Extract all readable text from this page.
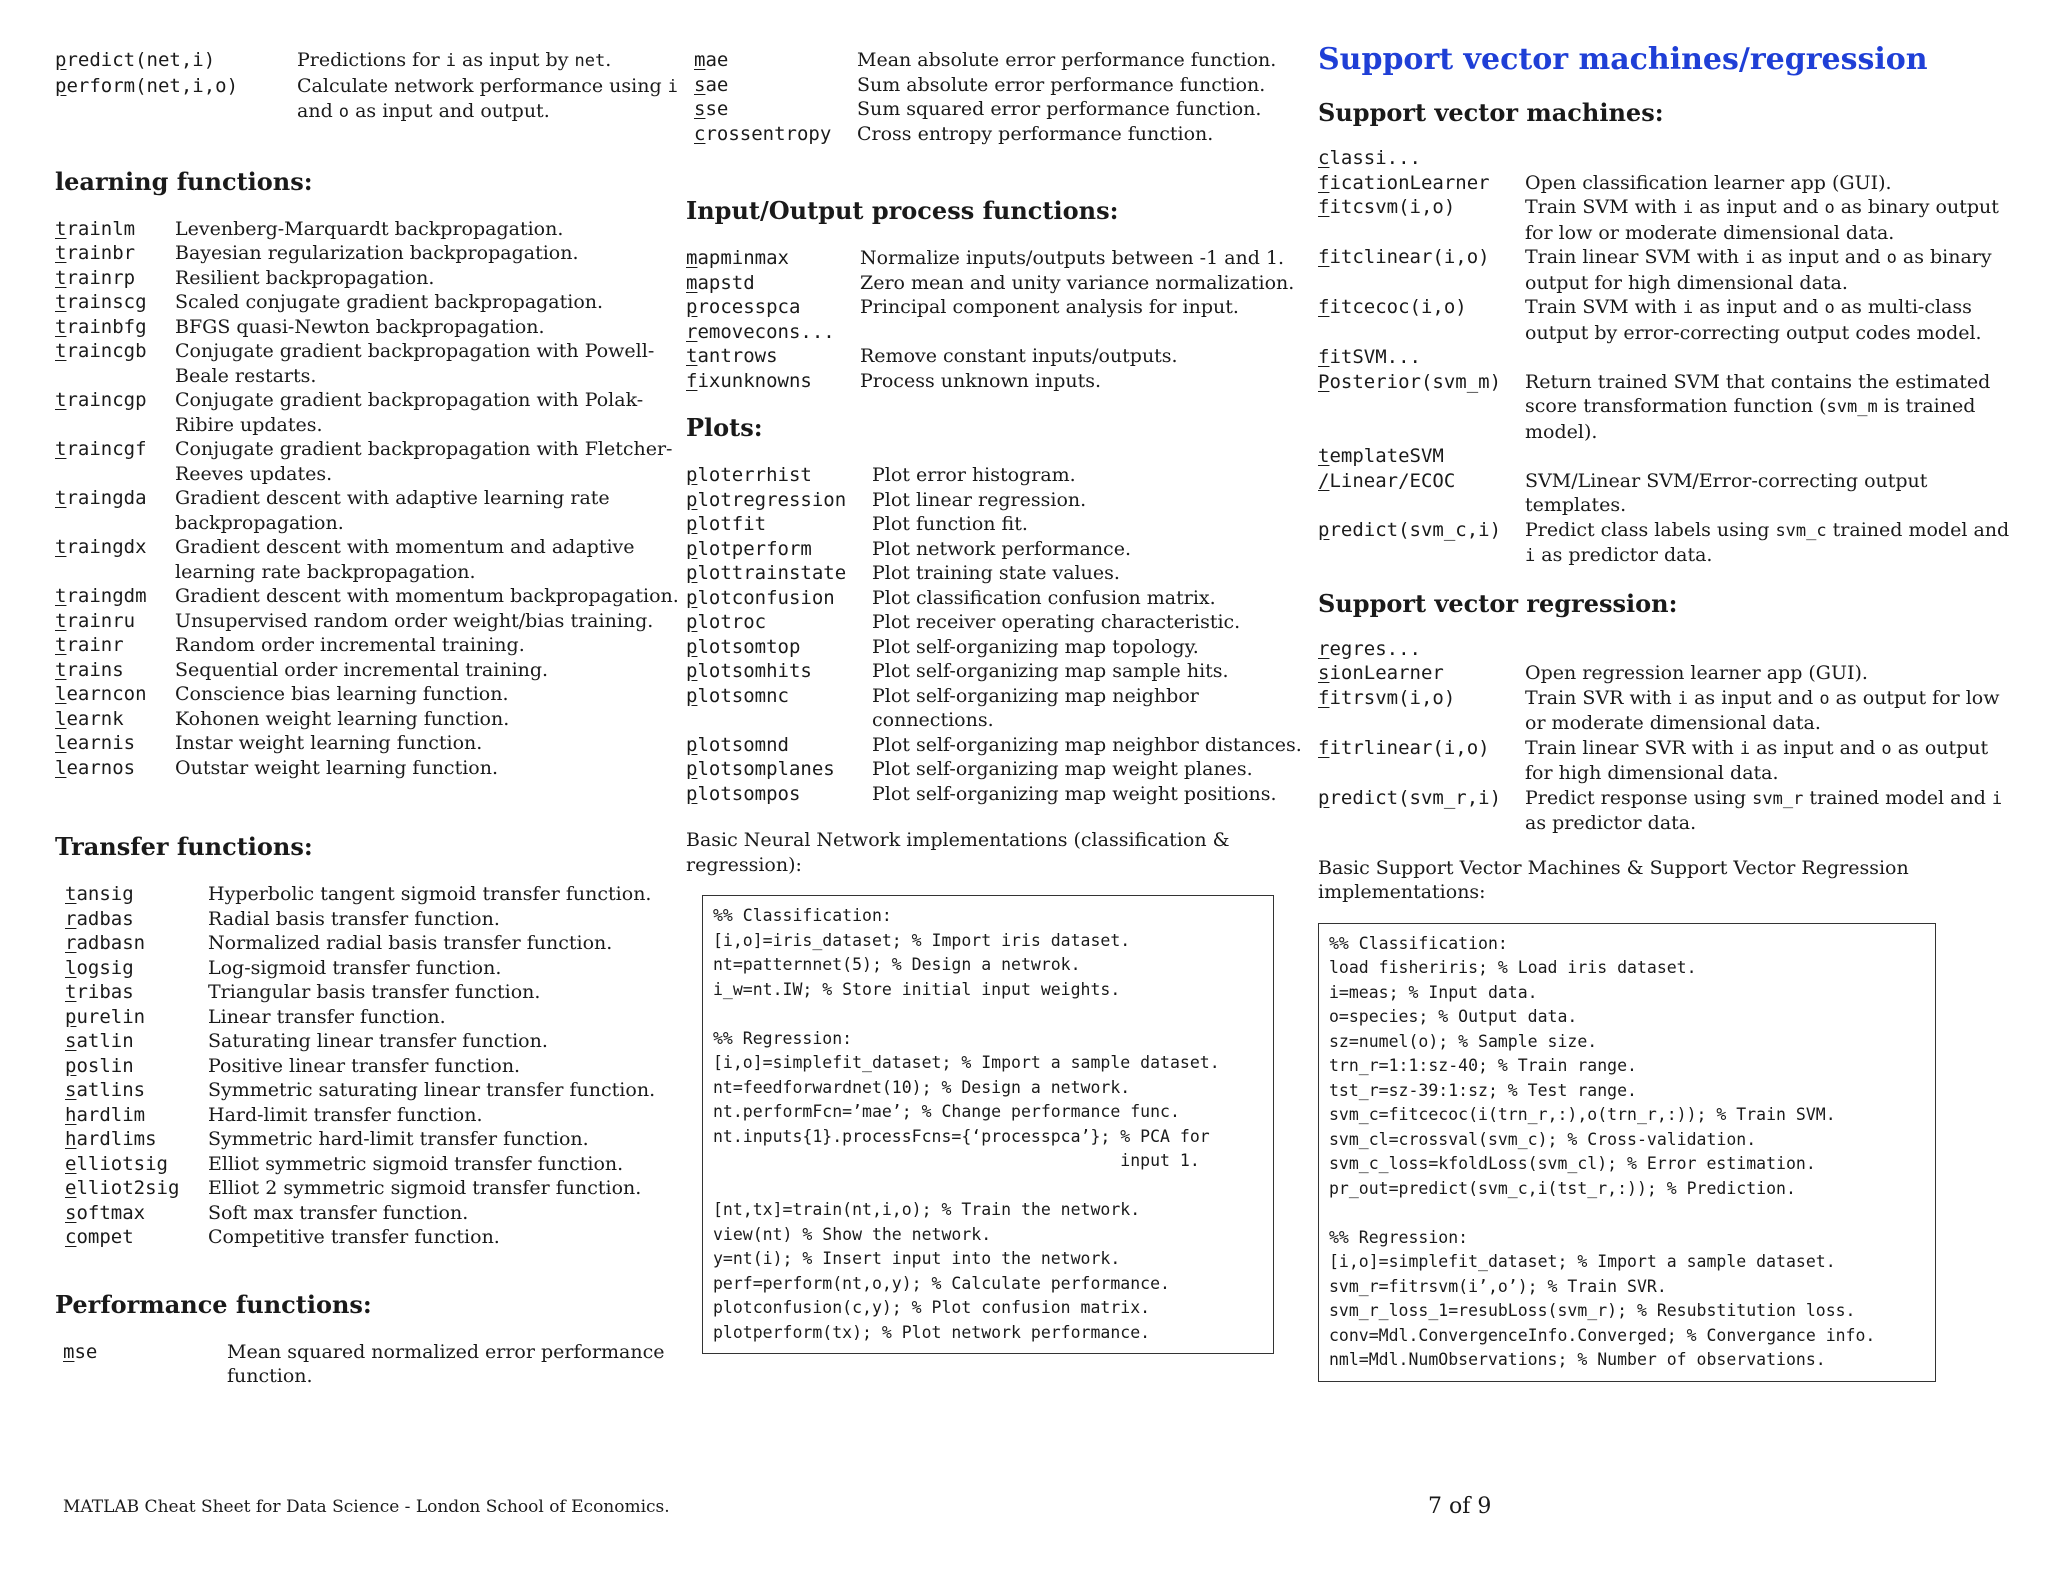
predict(net,i)	Predictions for i as input by net.
perform(net,i,o)	Calculate network performance using i and o as input and output.
learning functions:
trainlm	Levenberg-Marquardt backpropagation.
trainbr	Bayesian regularization backpropagation.
trainrp	Resilient backpropagation.
trainscg	Scaled conjugate gradient backpropagation.
trainbfg	BFGS quasi-Newton backpropagation.
traincgb	Conjugate gradient backpropagation with Powell-Beale restarts.
traincgp	Conjugate gradient backpropagation with Polak-Ribire updates.
traincgf	Conjugate gradient backpropagation with Fletcher-Reeves updates.
traingda	Gradient descent with adaptive learning rate backpropagation.
traingdx	Gradient descent with momentum and adaptive learning rate backpropagation.
traingdm	Gradient descent with momentum backpropagation.
trainru	Unsupervised random order weight/bias training.
trainr	Random order incremental training.
trains	Sequential order incremental training.
learncon	Conscience bias learning function.
learnk	Kohonen weight learning function.
learnis	Instar weight learning function.
learnos	Outstar weight learning function.
Transfer functions:
tansig	Hyperbolic tangent sigmoid transfer function.
radbas	Radial basis transfer function.
radbasn	Normalized radial basis transfer function.
logsig	Log-sigmoid transfer function.
tribas	Triangular basis transfer function.
purelin	Linear transfer function.
satlin	Saturating linear transfer function.
poslin	Positive linear transfer function.
satlins	Symmetric saturating linear transfer function.
hardlim	Hard-limit transfer function.
hardlims	Symmetric hard-limit transfer function.
elliotsig	Elliot symmetric sigmoid transfer function.
elliot2sig	Elliot 2 symmetric sigmoid transfer function.
softmax	Soft max transfer function.
compet	Competitive transfer function.
Performance functions:
mse	Mean squared normalized error performance function.
mae	Mean absolute error performance function.
sae	Sum absolute error performance function.
sse	Sum squared error performance function.
crossentropy	Cross entropy performance function.
Input/Output process functions:
mapminmax	Normalize inputs/outputs between -1 and 1.
mapstd	Zero mean and unity variance normalization.
processpca	Principal component analysis for input.
removecons...	
tantrows	Remove constant inputs/outputs.
fixunknowns	Process unknown inputs.
Plots:
ploterrhist	Plot error histogram.
plotregression	Plot linear regression.
plotfit	Plot function fit.
plotperform	Plot network performance.
plottrainstate	Plot training state values.
plotconfusion	Plot classification confusion matrix.
plotroc	Plot receiver operating characteristic.
plotsomtop	Plot self-organizing map topology.
plotsomhits	Plot self-organizing map sample hits.
plotsomnc	Plot self-organizing map neighbor connections.
plotsomnd	Plot self-organizing map neighbor distances.
plotsomplanes	Plot self-organizing map weight planes.
plotsompos	Plot self-organizing map weight positions.
Basic Neural Network implementations (classification & regression):
%% Classification:
[i,o]=iris_dataset; % Import iris dataset.
nt=patternnet(5); % Design a netwrok.
i_w=nt.IW; % Store initial input weights.

%% Regression:
[i,o]=simplefit_dataset; % Import a sample dataset.
nt=feedforwardnet(10); % Design a network.
nt.performFcn=’mae’; % Change performance func.
nt.inputs{1}.processFcns={‘processpca’}; % PCA for
input 1.

[nt,tx]=train(nt,i,o); % Train the network.
view(nt) % Show the network.
y=nt(i); % Insert input into the network.
perf=perform(nt,o,y); % Calculate performance.
plotconfusion(c,y); % Plot confusion matrix.
plotperform(tx); % Plot network performance.
Support vector machines/regression
Support vector machines:
classi...	
ficationLearner	Open classification learner app (GUI).
fitcsvm(i,o)	Train SVM with i as input and o as binary output for low or moderate dimensional data.
fitclinear(i,o)	Train linear SVM with i as input and o as binary output for high dimensional data.
fitcecoc(i,o)	Train SVM with i as input and o as multi-class output by error-correcting output codes model.
fitSVM...	
Posterior(svm_m)	Return trained SVM that contains the estimated score transformation function (svm_m is trained model).
templateSVM	
/Linear/ECOC	SVM/Linear SVM/Error-correcting output templates.
predict(svm_c,i)	Predict class labels using svm_c trained model and i as predictor data.
Support vector regression:
regres...	
sionLearner	Open regression learner app (GUI).
fitrsvm(i,o)	Train SVR with i as input and o as output for low or moderate dimensional data.
fitrlinear(i,o)	Train linear SVR with i as input and o as output for high dimensional data.
predict(svm_r,i)	Predict response using svm_r trained model and i as predictor data.
Basic Support Vector Machines & Support Vector Regression implementations:
%% Classification:
load fisheriris; % Load iris dataset.
i=meas; % Input data.
o=species; % Output data.
sz=numel(o); % Sample size.
trn_r=1:1:sz-40; % Train range.
tst_r=sz-39:1:sz; % Test range.
svm_c=fitcecoc(i(trn_r,:),o(trn_r,:)); % Train SVM.
svm_cl=crossval(svm_c); % Cross-validation.
svm_c_loss=kfoldLoss(svm_cl); % Error estimation.
pr_out=predict(svm_c,i(tst_r,:)); % Prediction.

%% Regression:
[i,o]=simplefit_dataset; % Import a sample dataset.
svm_r=fitrsvm(i’,o’); % Train SVR.
svm_r_loss_1=resubLoss(svm_r); % Resubstitution loss.
conv=Mdl.ConvergenceInfo.Converged; % Convergance info.
nml=Mdl.NumObservations; % Number of observations.
MATLAB Cheat Sheet for Data Science - London School of Economics.	7 of 9
